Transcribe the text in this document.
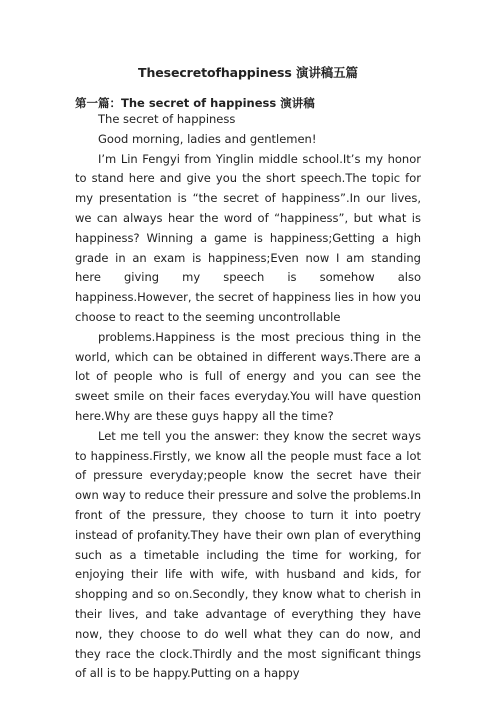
Thesecretofhappiness 演讲稿五篇
第一篇：The secret of happiness 演讲稿

The secret of happiness

Good morning, ladies and gentlemen!

I’m Lin Fengyi from Yinglin middle school.It’s my honor to stand here and give you the short speech.The topic for my presentation is “the secret of happiness”.In our lives, we can always hear the word of “happiness”, but what is happiness? Winning a game is happiness;Getting a high grade in an exam is happiness;Even now I am standing here giving my speech is somehow also happiness.However, the secret of happiness lies in how you choose to react to the seeming uncontrollable

problems.Happiness is the most precious thing in the world, which can be obtained in different ways.There are a lot of people who is full of energy and you can see the sweet smile on their faces everyday.You will have question here.Why are these guys happy all the time?

Let me tell you the answer: they know the secret ways to happiness.Firstly, we know all the people must face a lot of pressure everyday;people know the secret have their own way to reduce their pressure and solve the problems.In front of the pressure, they choose to turn it into poetry instead of profanity.They have their own plan of everything such as a timetable including the time for working, for enjoying their life with wife, with husband and kids, for shopping and so on.Secondly, they know what to cherish in their lives, and take advantage of everything they have now, they choose to do well what they can do now, and they race the clock.Thirdly and the most significant things of all is to be happy.Putting on a happy
